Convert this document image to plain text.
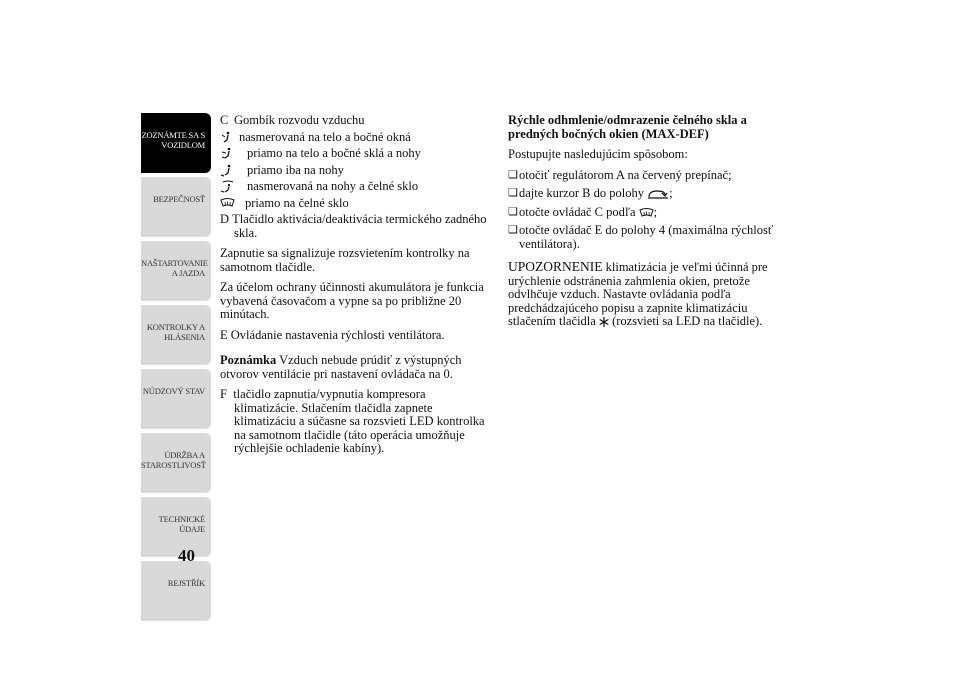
ZOZNÁMTE SA S
VOZIDLOM
BEZPEČNOSŤ
NAŠTARTOVANIE
A JAZDA
KONTROLKY A
HLÁSENIA
NÚDZOVÝ STAV
ÚDRŽBA A
STAROSTLIVOSŤ
TECHNICKÉ
ÚDAJE
REJSTŘÍK
40
C Gombík rozvodu vzduchu
nasmerovaná na telo a bočné okná
priamo na telo a bočné sklá a nohy
priamo iba na nohy
nasmerovaná na nohy a čelné sklo
priamo na čelné sklo

D Tlačidlo aktivácia/deaktivácia termického zadného skla.

Zapnutie sa signalizuje rozsvietením kontrolky na samotnom tlačidle.

Za účelom ochrany účinnosti akumulátora je funkcia vybavená časovačom a vypne sa po približne 20 minútach.

E Ovládanie nastavenia rýchlosti ventilátora.

Poznámka Vzduch nebude prúdiť z výstupných otvorov ventilácie pri nastavení ovládača na 0.

F tlačidlo zapnutia/vypnutia kompresora klimatizácie. Stlačením tlačidla zapnete klimatizáciu a súčasne sa rozsvieti LED kontrolka na samotnom tlačidle (táto operácia umožňuje rýchlejšie ochladenie kabíny).

Rýchle odhmlenie/odmrazenie čelného skla a predných bočných okien (MAX-DEF)

Postupujte nasledujúcim spôsobom:

❏ otočiť regulátorom A na červený prepínač;
❏ dajte kurzor B do polohy ;
❏ otočte ovládač C podľa ;
❏ otočte ovládač E do polohy 4 (maximálna rýchlosť ventilátora).

UPOZORNENIE klimatizácia je veľmi účinná pre urýchlenie odstránenia zahmlenia okien, pretože odvlhčuje vzduch. Nastavte ovládania podľa predchádzajúceho popisu a zapnite klimatizáciu stlačením tlačidla  (rozsvieti sa LED na tlačidle).
